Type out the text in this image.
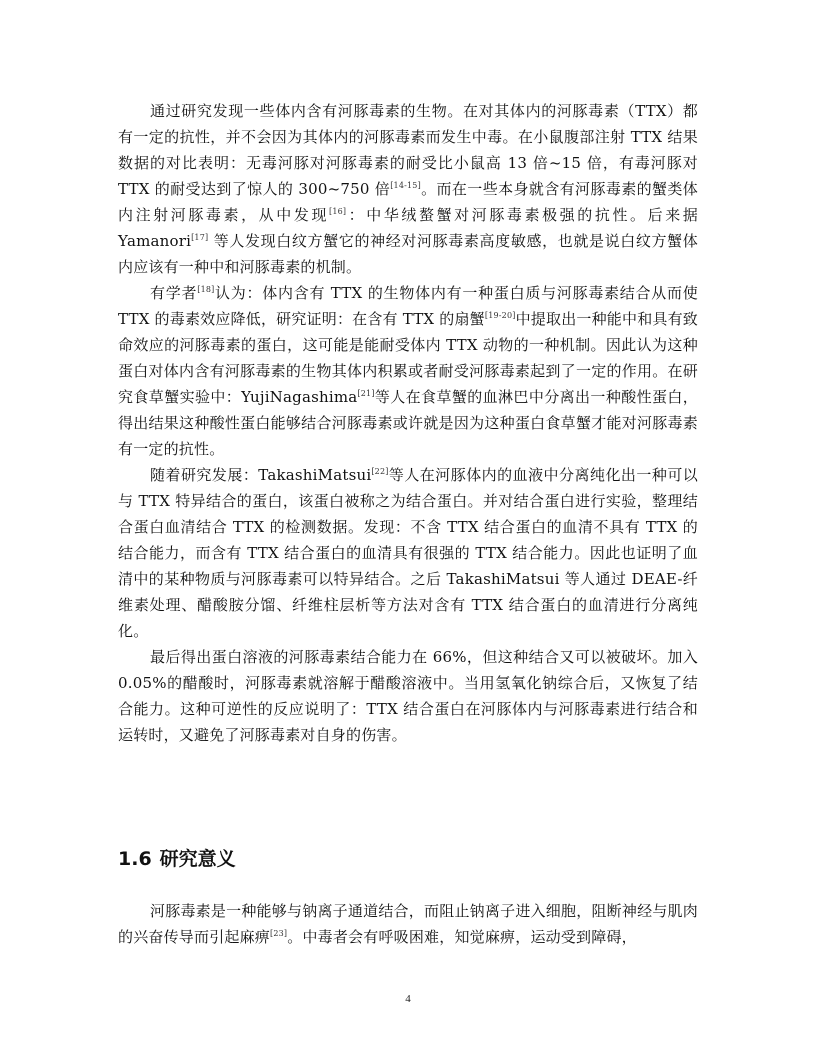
通过研究发现一些体内含有河豚毒素的生物。在对其体内的河豚毒素（TTX）都有一定的抗性，并不会因为其体内的河豚毒素而发生中毒。在小鼠腹部注射 TTX 结果数据的对比表明：无毒河豚对河豚毒素的耐受比小鼠高 13 倍~15 倍，有毒河豚对 TTX 的耐受达到了惊人的 300~750 倍[14-15]。而在一些本身就含有河豚毒素的蟹类体内注射河豚毒素，从中发现[16]：中华绒螯蟹对河豚毒素极强的抗性。后来据 Yamanori[17] 等人发现白纹方蟹它的神经对河豚毒素高度敏感，也就是说白纹方蟹体内应该有一种中和河豚毒素的机制。

有学者[18]认为：体内含有 TTX 的生物体内有一种蛋白质与河豚毒素结合从而使 TTX 的毒素效应降低，研究证明：在含有 TTX 的扇蟹[19-20]中提取出一种能中和具有致命效应的河豚毒素的蛋白，这可能是能耐受体内 TTX 动物的一种机制。因此认为这种蛋白对体内含有河豚毒素的生物其体内积累或者耐受河豚毒素起到了一定的作用。在研究食草蟹实验中：YujiNagashima[21]等人在食草蟹的血淋巴中分离出一种酸性蛋白，得出结果这种酸性蛋白能够结合河豚毒素或许就是因为这种蛋白食草蟹才能对河豚毒素有一定的抗性。

随着研究发展：TakashiMatsui[22]等人在河豚体内的血液中分离纯化出一种可以与 TTX 特异结合的蛋白，该蛋白被称之为结合蛋白。并对结合蛋白进行实验，整理结合蛋白血清结合 TTX 的检测数据。发现：不含 TTX 结合蛋白的血清不具有 TTX 的结合能力，而含有 TTX 结合蛋白的血清具有很强的 TTX 结合能力。因此也证明了血清中的某种物质与河豚毒素可以特异结合。之后 TakashiMatsui 等人通过 DEAE-纤维素处理、醋酸胺分馏、纤维柱层析等方法对含有 TTX 结合蛋白的血清进行分离纯化。

最后得出蛋白溶液的河豚毒素结合能力在 66%，但这种结合又可以被破坏。加入 0.05%的醋酸时，河豚毒素就溶解于醋酸溶液中。当用氢氧化钠综合后，又恢复了结合能力。这种可逆性的反应说明了：TTX 结合蛋白在河豚体内与河豚毒素进行结合和运转时，又避免了河豚毒素对自身的伤害。

1.6 研究意义

河豚毒素是一种能够与钠离子通道结合，而阻止钠离子进入细胞，阻断神经与肌肉的兴奋传导而引起麻痹[23]。中毒者会有呼吸困难，知觉麻痹，运动受到障碍，

4
